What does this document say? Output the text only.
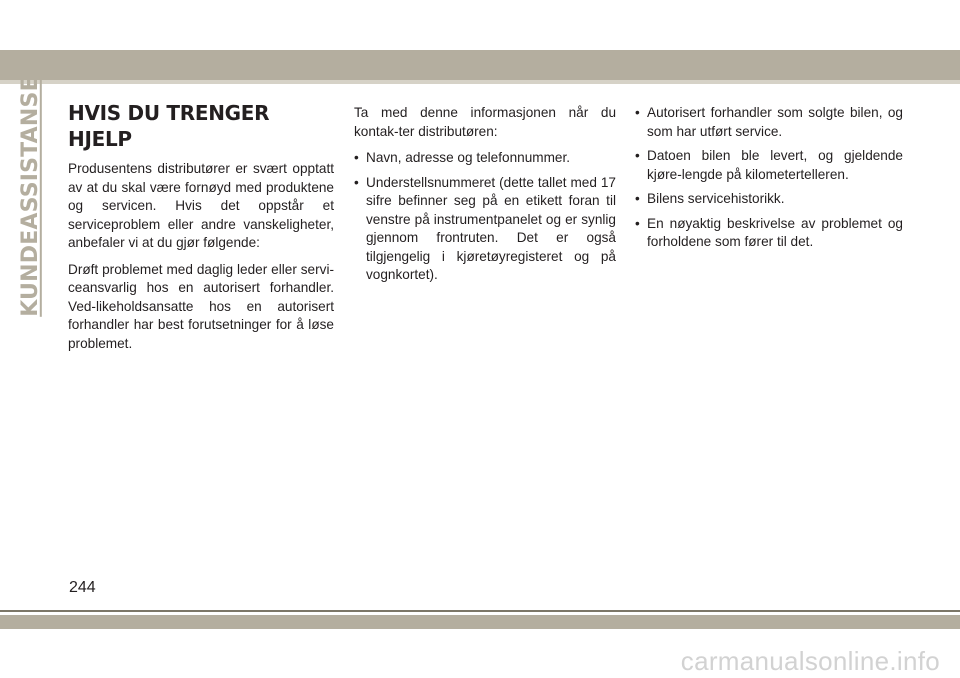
KUNDEASSISTANSE HVIS DU TRENGER HJELP

Produsentens distributører er svært opptatt av at du skal være fornøyd med produktene og servicen. Hvis det oppstår et serviceproblem eller andre vanskeligheter, anbefaler vi at du gjør følgende:

Drøft problemet med daglig leder eller servi-ceansvarlig hos en autorisert forhandler. Ved-likeholdsansatte hos en autorisert forhandler har best forutsetninger for å løse problemet.

Ta med denne informasjonen når du kontak-ter distributøren:

• Navn, adresse og telefonnummer.
• Understellsnummeret (dette tallet med 17 sifre befinner seg på en etikett foran til venstre på instrumentpanelet og er synlig gjennom frontruten. Det er også tilgjengelig i kjøretøyregisteret og på vognkortet).
• Autorisert forhandler som solgte bilen, og som har utført service.
• Datoen bilen ble levert, og gjeldende kjøre-lengde på kilometertelleren.
• Bilens servicehistorikk.
• En nøyaktig beskrivelse av problemet og forholdene som fører til det.
244
carmanualsonline.info
